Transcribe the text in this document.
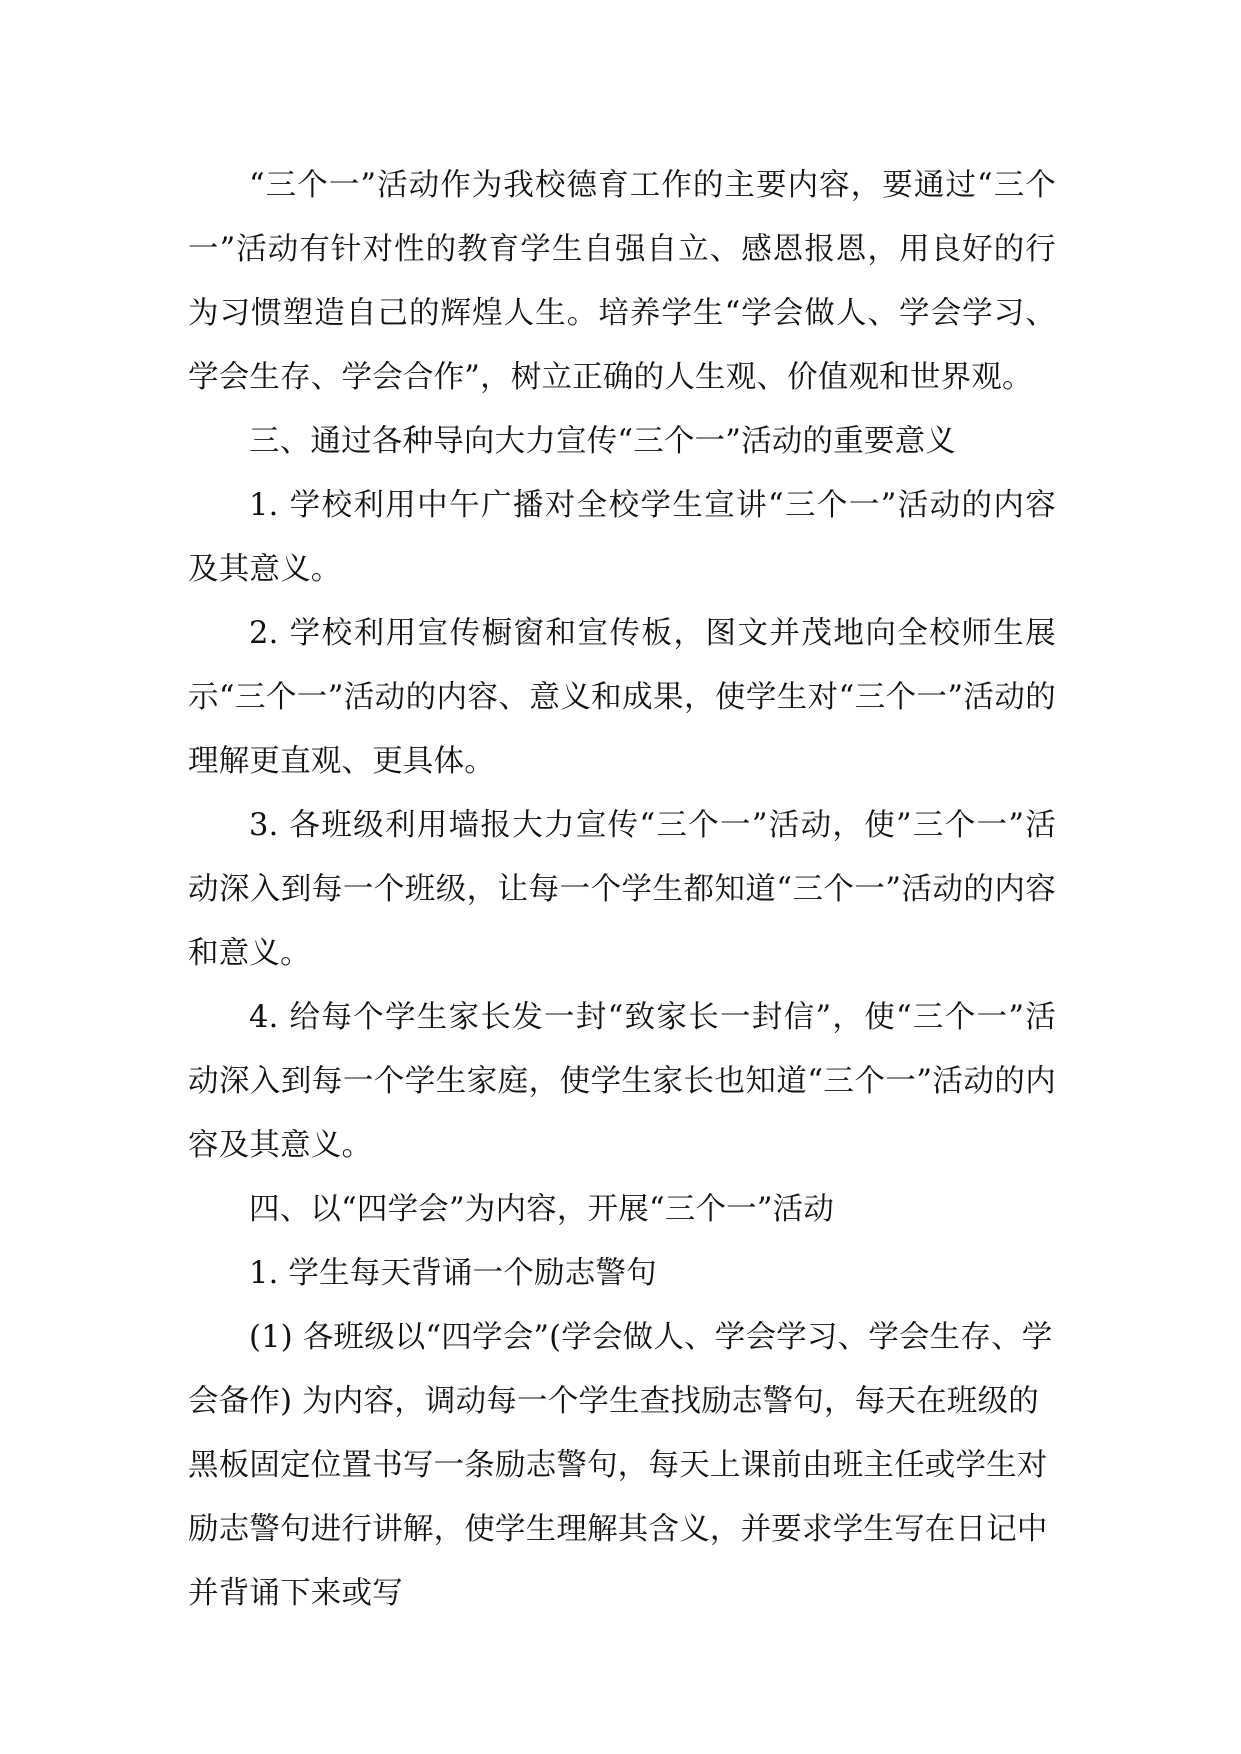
“三个一”活动作为我校德育工作的主要内容，要通过“三个一”活动有针对性的教育学生自强自立、感恩报恩，用良好的行为习惯塑造自己的辉煌人生。培养学生“学会做人、学会学习、学会生存、学会合作”，树立正确的人生观、价值观和世界观。

三、通过各种导向大力宣传“三个一”活动的重要意义

1. 学校利用中午广播对全校学生宣讲“三个一”活动的内容及其意义。

2. 学校利用宣传橱窗和宣传板，图文并茂地向全校师生展示“三个一”活动的内容、意义和成果，使学生对“三个一”活动的理解更直观、更具体。

3. 各班级利用墙报大力宣传“三个一”活动，使”三个一”活动深入到每一个班级，让每一个学生都知道“三个一”活动的内容和意义。

4. 给每个学生家长发一封“致家长一封信”，使“三个一”活动深入到每一个学生家庭，使学生家长也知道“三个一”活动的内容及其意义。

四、以“四学会”为内容，开展“三个一”活动

1. 学生每天背诵一个励志警句

(1) 各班级以“四学会”(学会做人、学会学习、学会生存、学会备作) 为内容，调动每一个学生查找励志警句，每天在班级的黑板固定位置书写一条励志警句，每天上课前由班主任或学生对励志警句进行讲解，使学生理解其含义，并要求学生写在日记中并背诵下来或写
